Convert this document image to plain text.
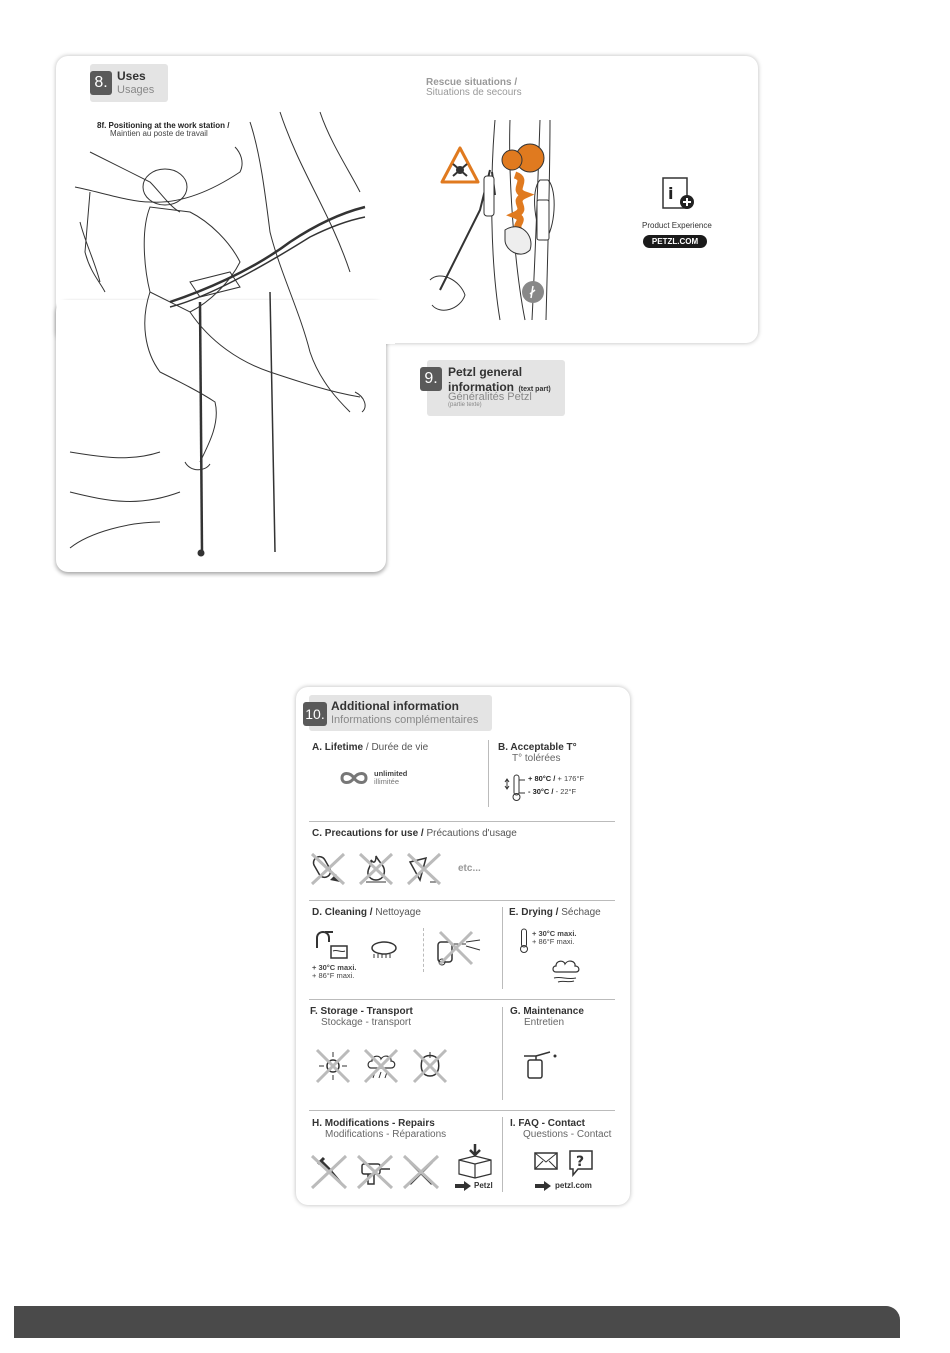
8. Uses
Usages
8f. Positioning at the work station /
Maintien au poste de travail
Rescue situations /
Situations de secours
i
Product Experience
PETZL.COM
9. Petzl general
information (text part)
Généralités Petzl
(partie texte)
10. Additional information
Informations complémentaires
A. Lifetime / Durée de vie
unlimited
illimitée
B. Acceptable T°
T° tolérées
+ 80°C / + 176°F
- 30°C / - 22°F
C. Precautions for use / Précautions d'usage
etc...
D. Cleaning / Nettoyage
+ 30°C maxi.
+ 86°F maxi.
E. Drying / Séchage
+ 30°C maxi.
+ 86°F maxi.
F. Storage - Transport
Stockage - transport
G. Maintenance
Entretien
H. Modifications - Repairs
Modifications - Réparations
Petzl
I. FAQ - Contact
Questions - Contact
?
petzl.com
